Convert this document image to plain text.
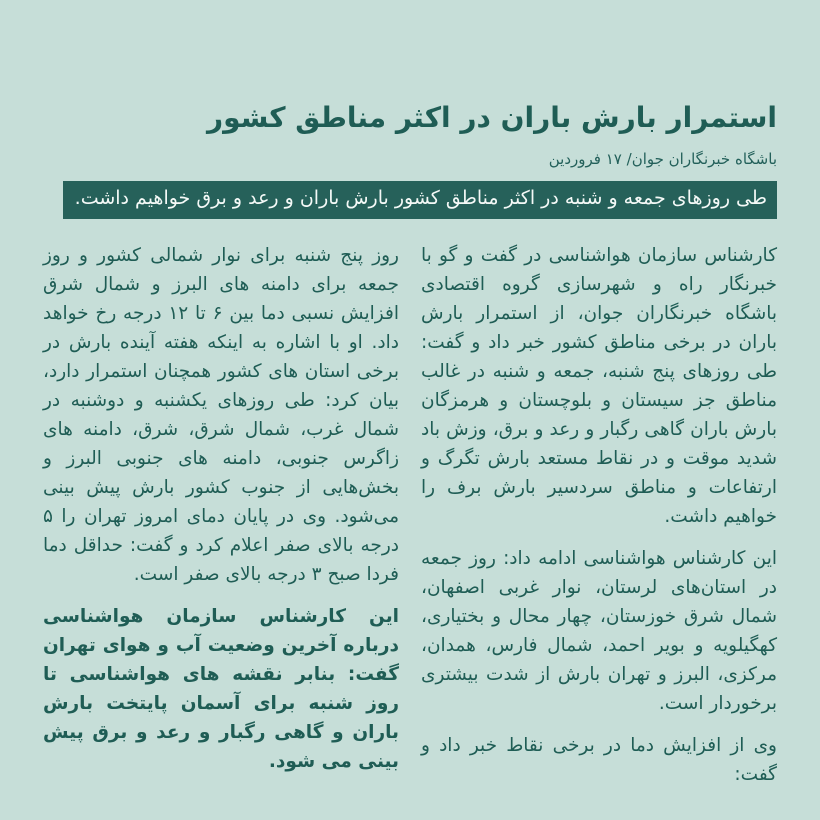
استمرار بارش باران در اکثر مناطق کشور
باشگاه خبرنگاران جوان/ ۱۷ فروردین
طی روزهای جمعه و شنبه در اکثر مناطق کشور بارش باران و رعد و برق خواهیم داشت.

کارشناس سازمان هواشناسی در گفت و گو با خبرنگار راه و شهرسازی گروه اقتصادی باشگاه خبرنگاران جوان، از استمرار بارش باران در برخی مناطق کشور خبر داد و گفت: طی روزهای پنج شنبه، جمعه و شنبه در غالب مناطق جز سیستان و بلوچستان و هرمزگان بارش باران گاهی رگبار و رعد و برق، وزش باد شدید موقت و در نقاط مستعد بارش تگرگ و ارتفاعات و مناطق سردسیر بارش برف را خواهیم داشت.

این کارشناس هواشناسی ادامه داد: روز جمعه در استان‌های لرستان، نوار غربی اصفهان، شمال شرق خوزستان، چهار محال و بختیاری، کهگیلویه و بویر احمد، شمال فارس، همدان، مرکزی، البرز و تهران بارش از شدت بیشتری برخوردار است.

وی از افزایش دما در برخی نقاط خبر داد و گفت:

روز پنج شنبه برای نوار شمالی کشور و روز جمعه برای دامنه های البرز و شمال شرق افزایش نسبی دما بین ۶ تا ۱۲ درجه رخ خواهد داد. او با اشاره به اینکه هفته آینده بارش در برخی استان های کشور همچنان استمرار دارد، بیان کرد: طی روزهای یکشنبه و دوشنبه در شمال غرب، شمال شرق، شرق، دامنه های زاگرس جنوبی، دامنه های جنوبی البرز و بخش‌هایی از جنوب کشور بارش پیش بینی می‌شود. وی در پایان دمای امروز تهران را ۵ درجه بالای صفر اعلام کرد و گفت: حداقل دما فردا صبح ۳ درجه بالای صفر است.

این کارشناس سازمان هواشناسی درباره آخرین وضعیت آب و هوای تهران گفت: بنابر نقشه های هواشناسی تا روز شنبه برای آسمان پایتخت بارش باران و گاهی رگبار و رعد و برق پیش بینی می شود.
